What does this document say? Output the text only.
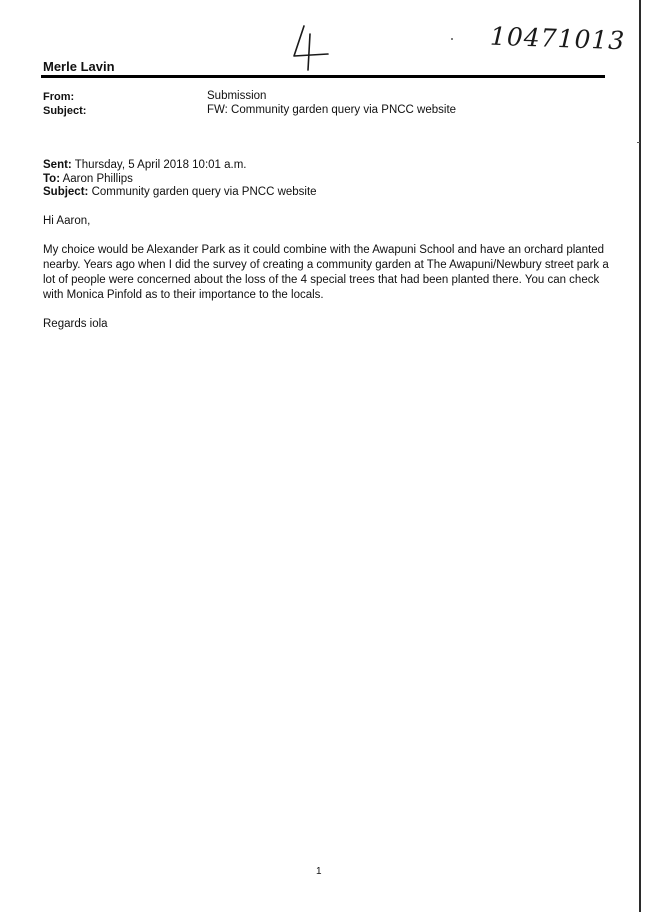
4
10471013
Merle Lavin
From:	Submission
Subject:	FW: Community garden query via PNCC website
Sent: Thursday, 5 April 2018 10:01 a.m.
To: Aaron Phillips
Subject: Community garden query via PNCC website
Hi Aaron,
My choice would be Alexander Park as it could combine with the Awapuni School and have an orchard planted nearby. Years ago when I did the survey of creating a community garden at The Awapuni/Newbury street park a lot of people were concerned about the loss of the 4 special trees that had been planted there. You can check with Monica Pinfold as to their importance to the locals.
Regards iola
1
